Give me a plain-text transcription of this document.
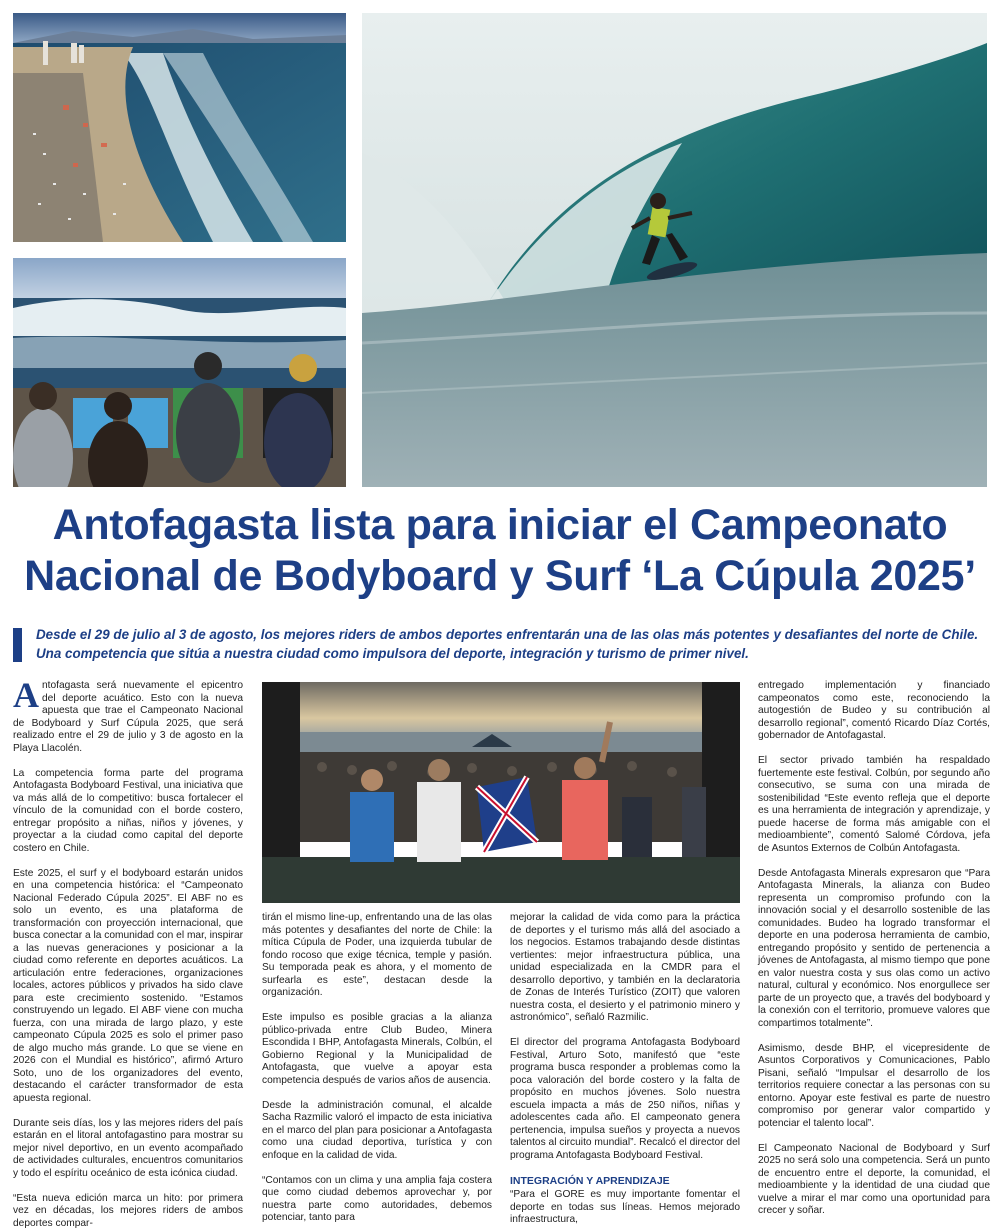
Antofagasta lista para iniciar el Campeonato Nacional de Bodyboard y Surf ‘La Cúpula 2025’

Desde el 29 de julio al 3 de agosto, los mejores riders de ambos deportes enfrentarán una de las olas más potentes y desafiantes del norte de Chile. Una competencia que sitúa a nuestra ciudad como impulsora del deporte, integración y turismo de primer nivel.

Antofagasta será nuevamente el epicentro del deporte acuático. Esto con la nueva apuesta que trae el Campeonato Nacional de Bodyboard y Surf Cúpula 2025, que será realizado entre el 29 de julio y 3 de agosto en la Playa Llacolén.

La competencia forma parte del programa Antofagasta Bodyboard Festival, una iniciativa que va más allá de lo competitivo: busca fortalecer el vínculo de la comunidad con el borde costero, entregar propósito a niñas, niños y jóvenes, y proyectar a la ciudad como capital del deporte costero en Chile.

Este 2025, el surf y el bodyboard estarán unidos en una competencia histórica: el “Campeonato Nacional Federado Cúpula 2025”. El ABF no es solo un evento, es una plataforma de transformación con proyección internacional, que busca conectar a la comunidad con el mar, inspirar a las nuevas generaciones y posicionar a la ciudad como referente en deportes acuáticos. La articulación entre federaciones, organizaciones locales, actores públicos y privados ha sido clave para este crecimiento sostenido. “Estamos construyendo un legado. El ABF viene con mucha fuerza, con una mirada de largo plazo, y este campeonato Cúpula 2025 es solo el primer paso de algo mucho más grande. Lo que se viene en 2026 con el Mundial es histórico”, afirmó Arturo Soto, uno de los organizadores del evento, destacando el carácter transformador de esta apuesta regional.

Durante seis días, los y las mejores riders del país estarán en el litoral antofagastino para mostrar su mejor nivel deportivo, en un evento acompañado de actividades culturales, encuentros comunitarios y todo el espíritu oceánico de esta icónica ciudad.

“Esta nueva edición marca un hito: por primera vez en décadas, los mejores riders de ambos deportes compar-

tirán el mismo line-up, enfrentando una de las olas más potentes y desafiantes del norte de Chile: la mítica Cúpula de Poder, una izquierda tubular de fondo rocoso que exige técnica, temple y pasión. Su temporada peak es ahora, y el momento de surfearla es este”, destacan desde la organización.

Este impulso es posible gracias a la alianza público-privada entre Club Budeo, Minera Escondida I BHP, Antofagasta Minerals, Colbún, el Gobierno Regional y la Municipalidad de Antofagasta, que vuelve a apoyar esta competencia después de varios años de ausencia.

Desde la administración comunal, el alcalde Sacha Razmilic valoró el impacto de esta iniciativa en el marco del plan para posicionar a Antofagasta como una ciudad deportiva, turística y con enfoque en la calidad de vida.

“Contamos con un clima y una amplia faja costera que como ciudad debemos aprovechar y, por nuestra parte como autoridades, debemos potenciar, tanto para

mejorar la calidad de vida como para la práctica de deportes y el turismo más allá del asociado a los negocios. Estamos trabajando desde distintas vertientes: mejor infraestructura pública, una unidad especializada en la CMDR para el desarrollo deportivo, y también en la declaratoria de Zonas de Interés Turístico (ZOIT) que valoren nuestra costa, el desierto y el patrimonio minero y astronómico”, señaló Razmilic.

El director del programa Antofagasta Bodyboard Festival, Arturo Soto, manifestó que “este programa busca responder a problemas como la poca valoración del borde costero y la falta de propósito en muchos jóvenes. Solo nuestra escuela impacta a más de 250 niños, niñas y adolescentes cada año. El campeonato genera pertenencia, impulsa sueños y proyecta a nuevos talentos al circuito mundial”. Recalcó el director del programa Antofagasta Bodyboard Festival.

INTEGRACIÓN Y APRENDIZAJE

“Para el GORE es muy importante fomentar el deporte en todas sus líneas. Hemos mejorado infraestructura,

entregado implementación y financiado campeonatos como este, reconociendo la autogestión de Budeo y su contribución al desarrollo regional”, comentó Ricardo Díaz Cortés, gobernador de Antofagastal.

El sector privado también ha respaldado fuertemente este festival. Colbún, por segundo año consecutivo, se suma con una mirada de sostenibilidad “Este evento refleja que el deporte es una herramienta de integración y aprendizaje, y puede hacerse de forma más amigable con el medioambiente”, comentó Salomé Córdova, jefa de Asuntos Externos de Colbún Antofagasta.

Desde Antofagasta Minerals expresaron que “Para Antofagasta Minerals, la alianza con Budeo representa un compromiso profundo con la innovación social y el desarrollo sostenible de las comunidades. Budeo ha logrado transformar el deporte en una poderosa herramienta de cambio, entregando propósito y sentido de pertenencia a jóvenes de Antofagasta, al mismo tiempo que pone en valor nuestra costa y sus olas como un activo natural, cultural y económico. Nos enorgullece ser parte de un proyecto que, a través del bodyboard y la conexión con el territorio, promueve valores que compartimos totalmente”.

Asimismo, desde BHP, el vicepresidente de Asuntos Corporativos y Comunicaciones, Pablo Pisani, señaló “Impulsar el desarrollo de los territorios requiere conectar a las personas con su entorno. Apoyar este festival es parte de nuestro compromiso por generar valor compartido y potenciar el talento local”.

El Campeonato Nacional de Bodyboard y Surf 2025 no será solo una competencia. Será un punto de encuentro entre el deporte, la comunidad, el medioambiente y la identidad de una ciudad que vuelve a mirar el mar como una oportunidad para crecer y soñar.
